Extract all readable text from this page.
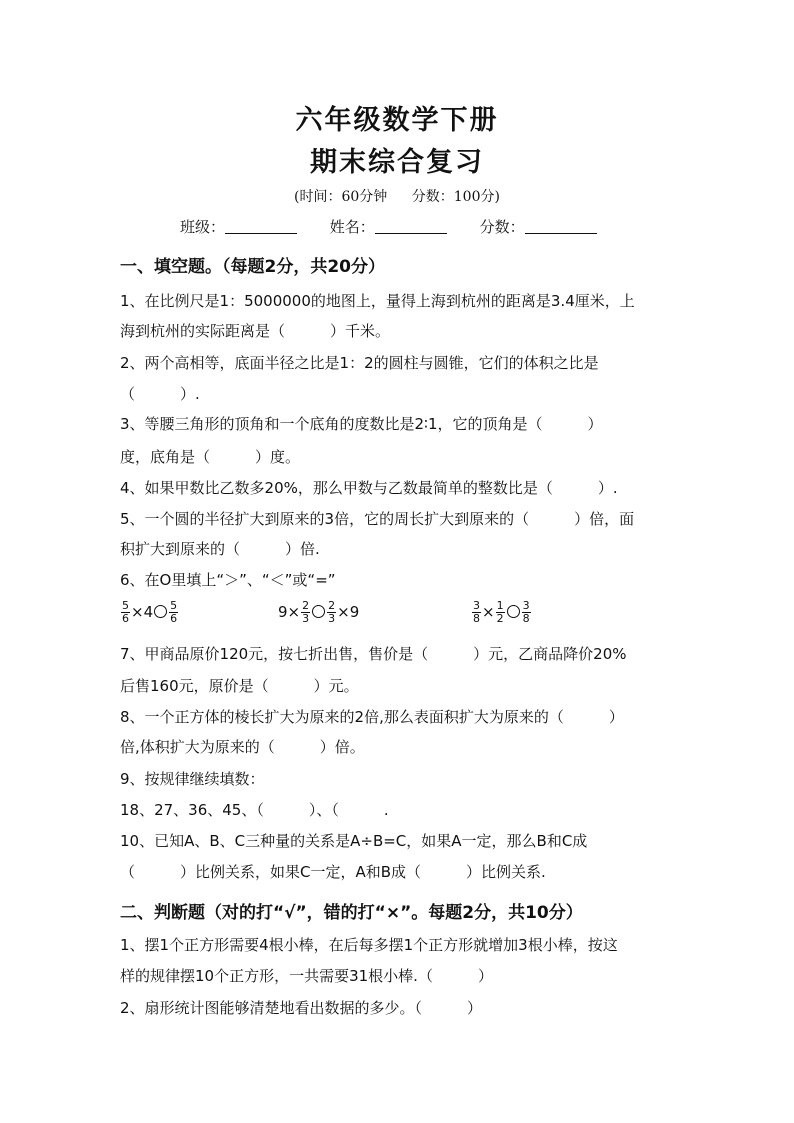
六年级数学下册
期末综合复习
(时间：60分钟 分数：100分)
班级：	姓名：	分数：
一、填空题。（每题2分，共20分）
1、在比例尺是1：5000000的地图上，量得上海到杭州的距离是3.4厘米，上
海到杭州的实际距离是（　　　）千米。
2、两个高相等，底面半径之比是1：2的圆柱与圆锥，它们的体积之比是
（　　　）.
3、等腰三角形的顶角和一个底角的度数比是2∶1，它的顶角是（　　　）
度，底角是（　　　）度。
4、如果甲数比乙数多20%，那么甲数与乙数最简单的整数比是（　　　）.
5、一个圆的半径扩大到原来的3倍，它的周长扩大到原来的（　　　）倍，面
积扩大到原来的（　　　）倍.
6、在O里填上“＞”、“＜”或“=”
$\frac{5}{6} \times 4 \frac{5}{6}$	$9\times \frac{2}{3} \frac{2}{3} \times 9$	$\frac{3}{8} \times \frac{1}{2} \frac{3}{8}$
7、甲商品原价120元，按七折出售，售价是（　　　）元，乙商品降价20%
后售160元，原价是（　　　）元。
8、一个正方体的棱长扩大为原来的2倍,那么表面积扩大为原来的（　　　）
倍,体积扩大为原来的（　　　）倍。
9、按规律继续填数：
18、27、36、45、（　　　）、（　　　.
10、已知A、B、C三种量的关系是A÷B=C，如果A一定，那么B和C成
（　　　）比例关系，如果C一定，A和B成（　　　）比例关系.
二、判断题（对的打“√”，错的打“×”。每题2分，共10分）
1、摆1个正方形需要4根小棒，在后每多摆1个正方形就增加3根小棒，按这
样的规律摆10个正方形，一共需要31根小棒.（　　　）
2、扇形统计图能够清楚地看出数据的多少。（　　　）
